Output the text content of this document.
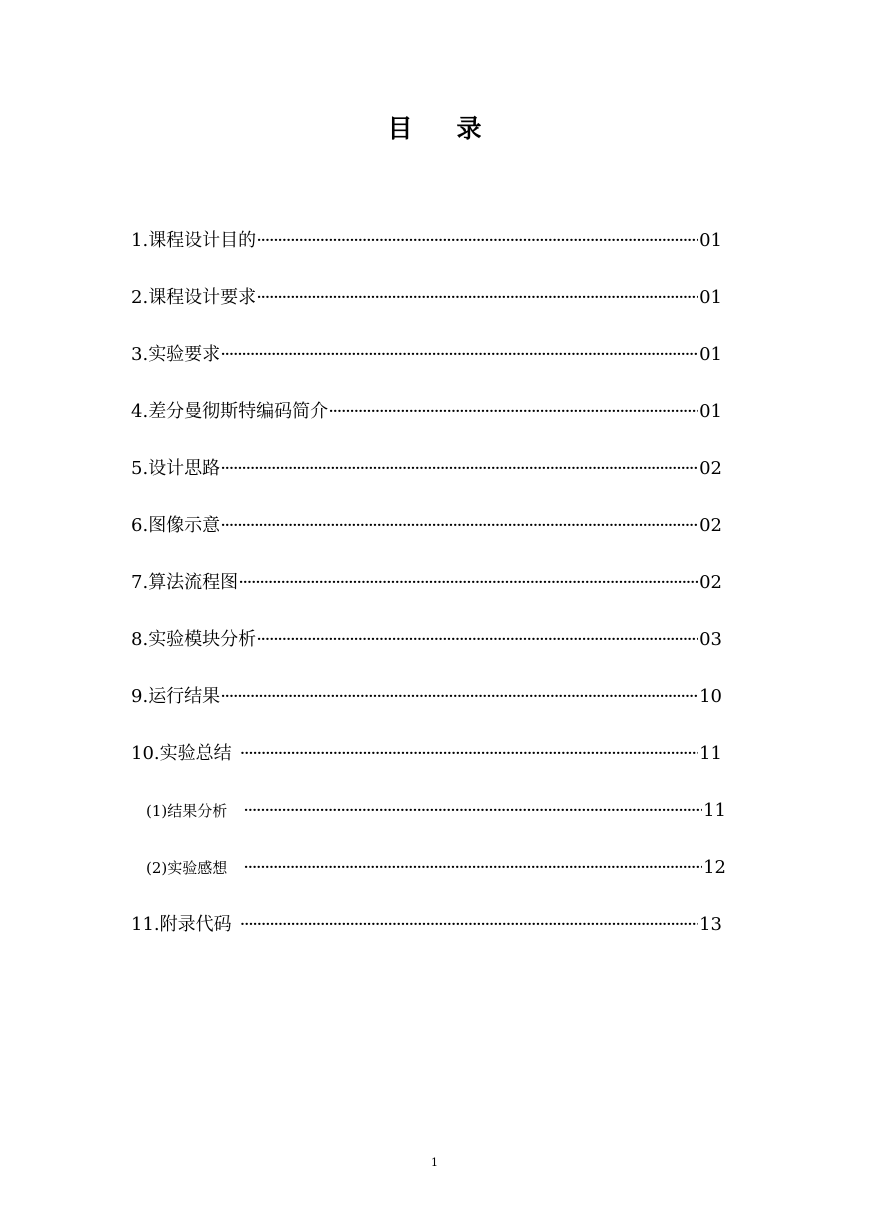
目 录
1. 课程设计目的 ·····	01
2. 课程设计要求 ·····	01
3. 实验要求 ·····	01
4. 差分曼彻斯特编码简介 ·····	01
5. 设计思路 ·····	02
6. 图像示意 ·····	02
7. 算法流程图 ·····	02
8. 实验模块分析 ·····	03
9. 运行结果 ·····	10
10. 实验总结 ·····	11
(1) 结果分析 ·····	11
(2) 实验感想 ·····	12
11. 附录代码 ·····	13
1
